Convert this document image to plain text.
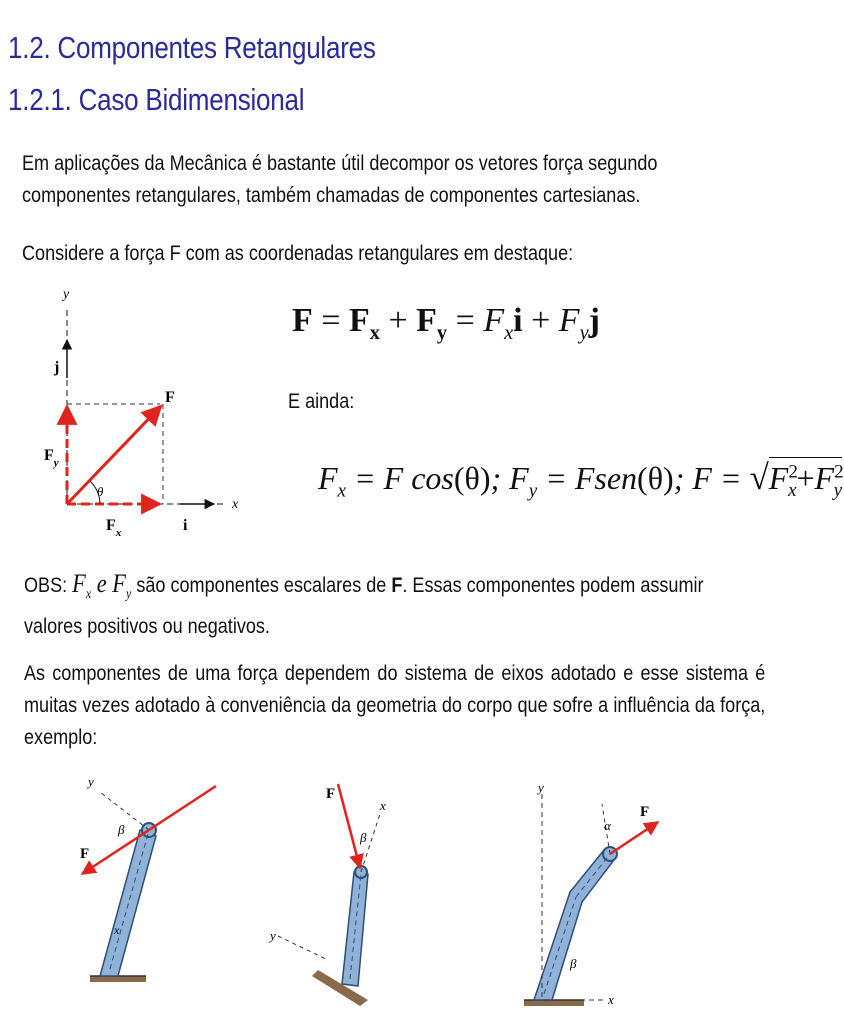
1.2. Componentes Retangulares
1.2.1. Caso Bidimensional
Em aplicações da Mecânica é bastante útil decompor os vetores força segundo componentes retangulares, também chamadas de componentes cartesianas.
Considere a força F com as coordenadas retangulares em destaque:
y
j
x
i
F
θ
$F_y$
$F_x$
$F = F_x + F_y = F_xi + F_yj$
E ainda:
$F_x = F$ cos(θ); $F_y$ = Fsen(θ); $F = √F^2_x+F^2_y$
OBS: $F_x$ e $F_y$ são componentes escalares de F. Essas componentes podem assumir valores positivos ou negativos.
As componentes de uma força dependem do sistema de eixos adotado e esse sistema é muitas vezes adotado à conveniência da geometria do corpo que sofre a influência da força, exemplo:
y
F
β
x
F
x
β
y
y
F
α
β
x
